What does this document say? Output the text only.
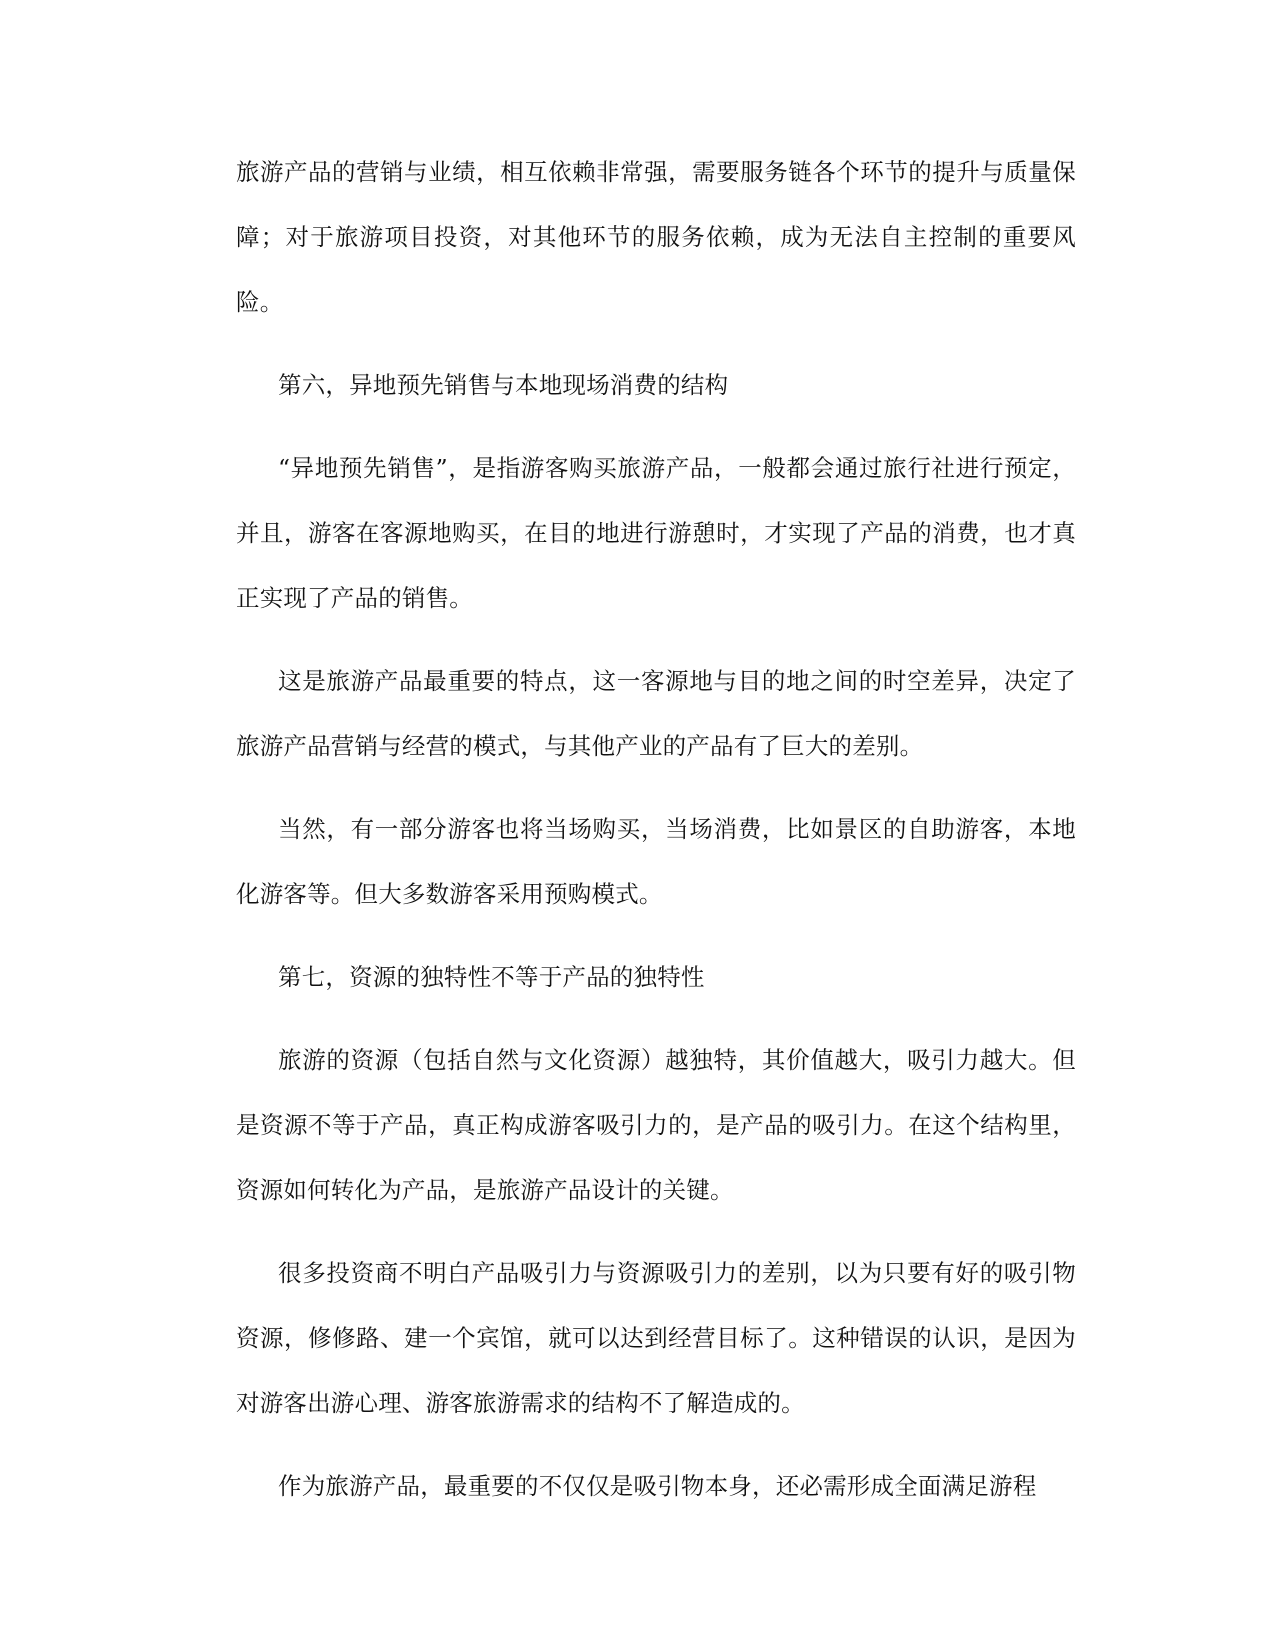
旅游产品的营销与业绩，相互依赖非常强，需要服务链各个环节的提升与质量保障；对于旅游项目投资，对其他环节的服务依赖，成为无法自主控制的重要风险。

第六，异地预先销售与本地现场消费的结构

“异地预先销售”，是指游客购买旅游产品，一般都会通过旅行社进行预定，并且，游客在客源地购买，在目的地进行游憩时，才实现了产品的消费，也才真正实现了产品的销售。

这是旅游产品最重要的特点，这一客源地与目的地之间的时空差异，决定了旅游产品营销与经营的模式，与其他产业的产品有了巨大的差别。

当然，有一部分游客也将当场购买，当场消费，比如景区的自助游客，本地化游客等。但大多数游客采用预购模式。

第七，资源的独特性不等于产品的独特性

旅游的资源（包括自然与文化资源）越独特，其价值越大，吸引力越大。但是资源不等于产品，真正构成游客吸引力的，是产品的吸引力。在这个结构里，资源如何转化为产品，是旅游产品设计的关键。

很多投资商不明白产品吸引力与资源吸引力的差别，以为只要有好的吸引物资源，修修路、建一个宾馆，就可以达到经营目标了。这种错误的认识，是因为对游客出游心理、游客旅游需求的结构不了解造成的。

作为旅游产品，最重要的不仅仅是吸引物本身，还必需形成全面满足游程
